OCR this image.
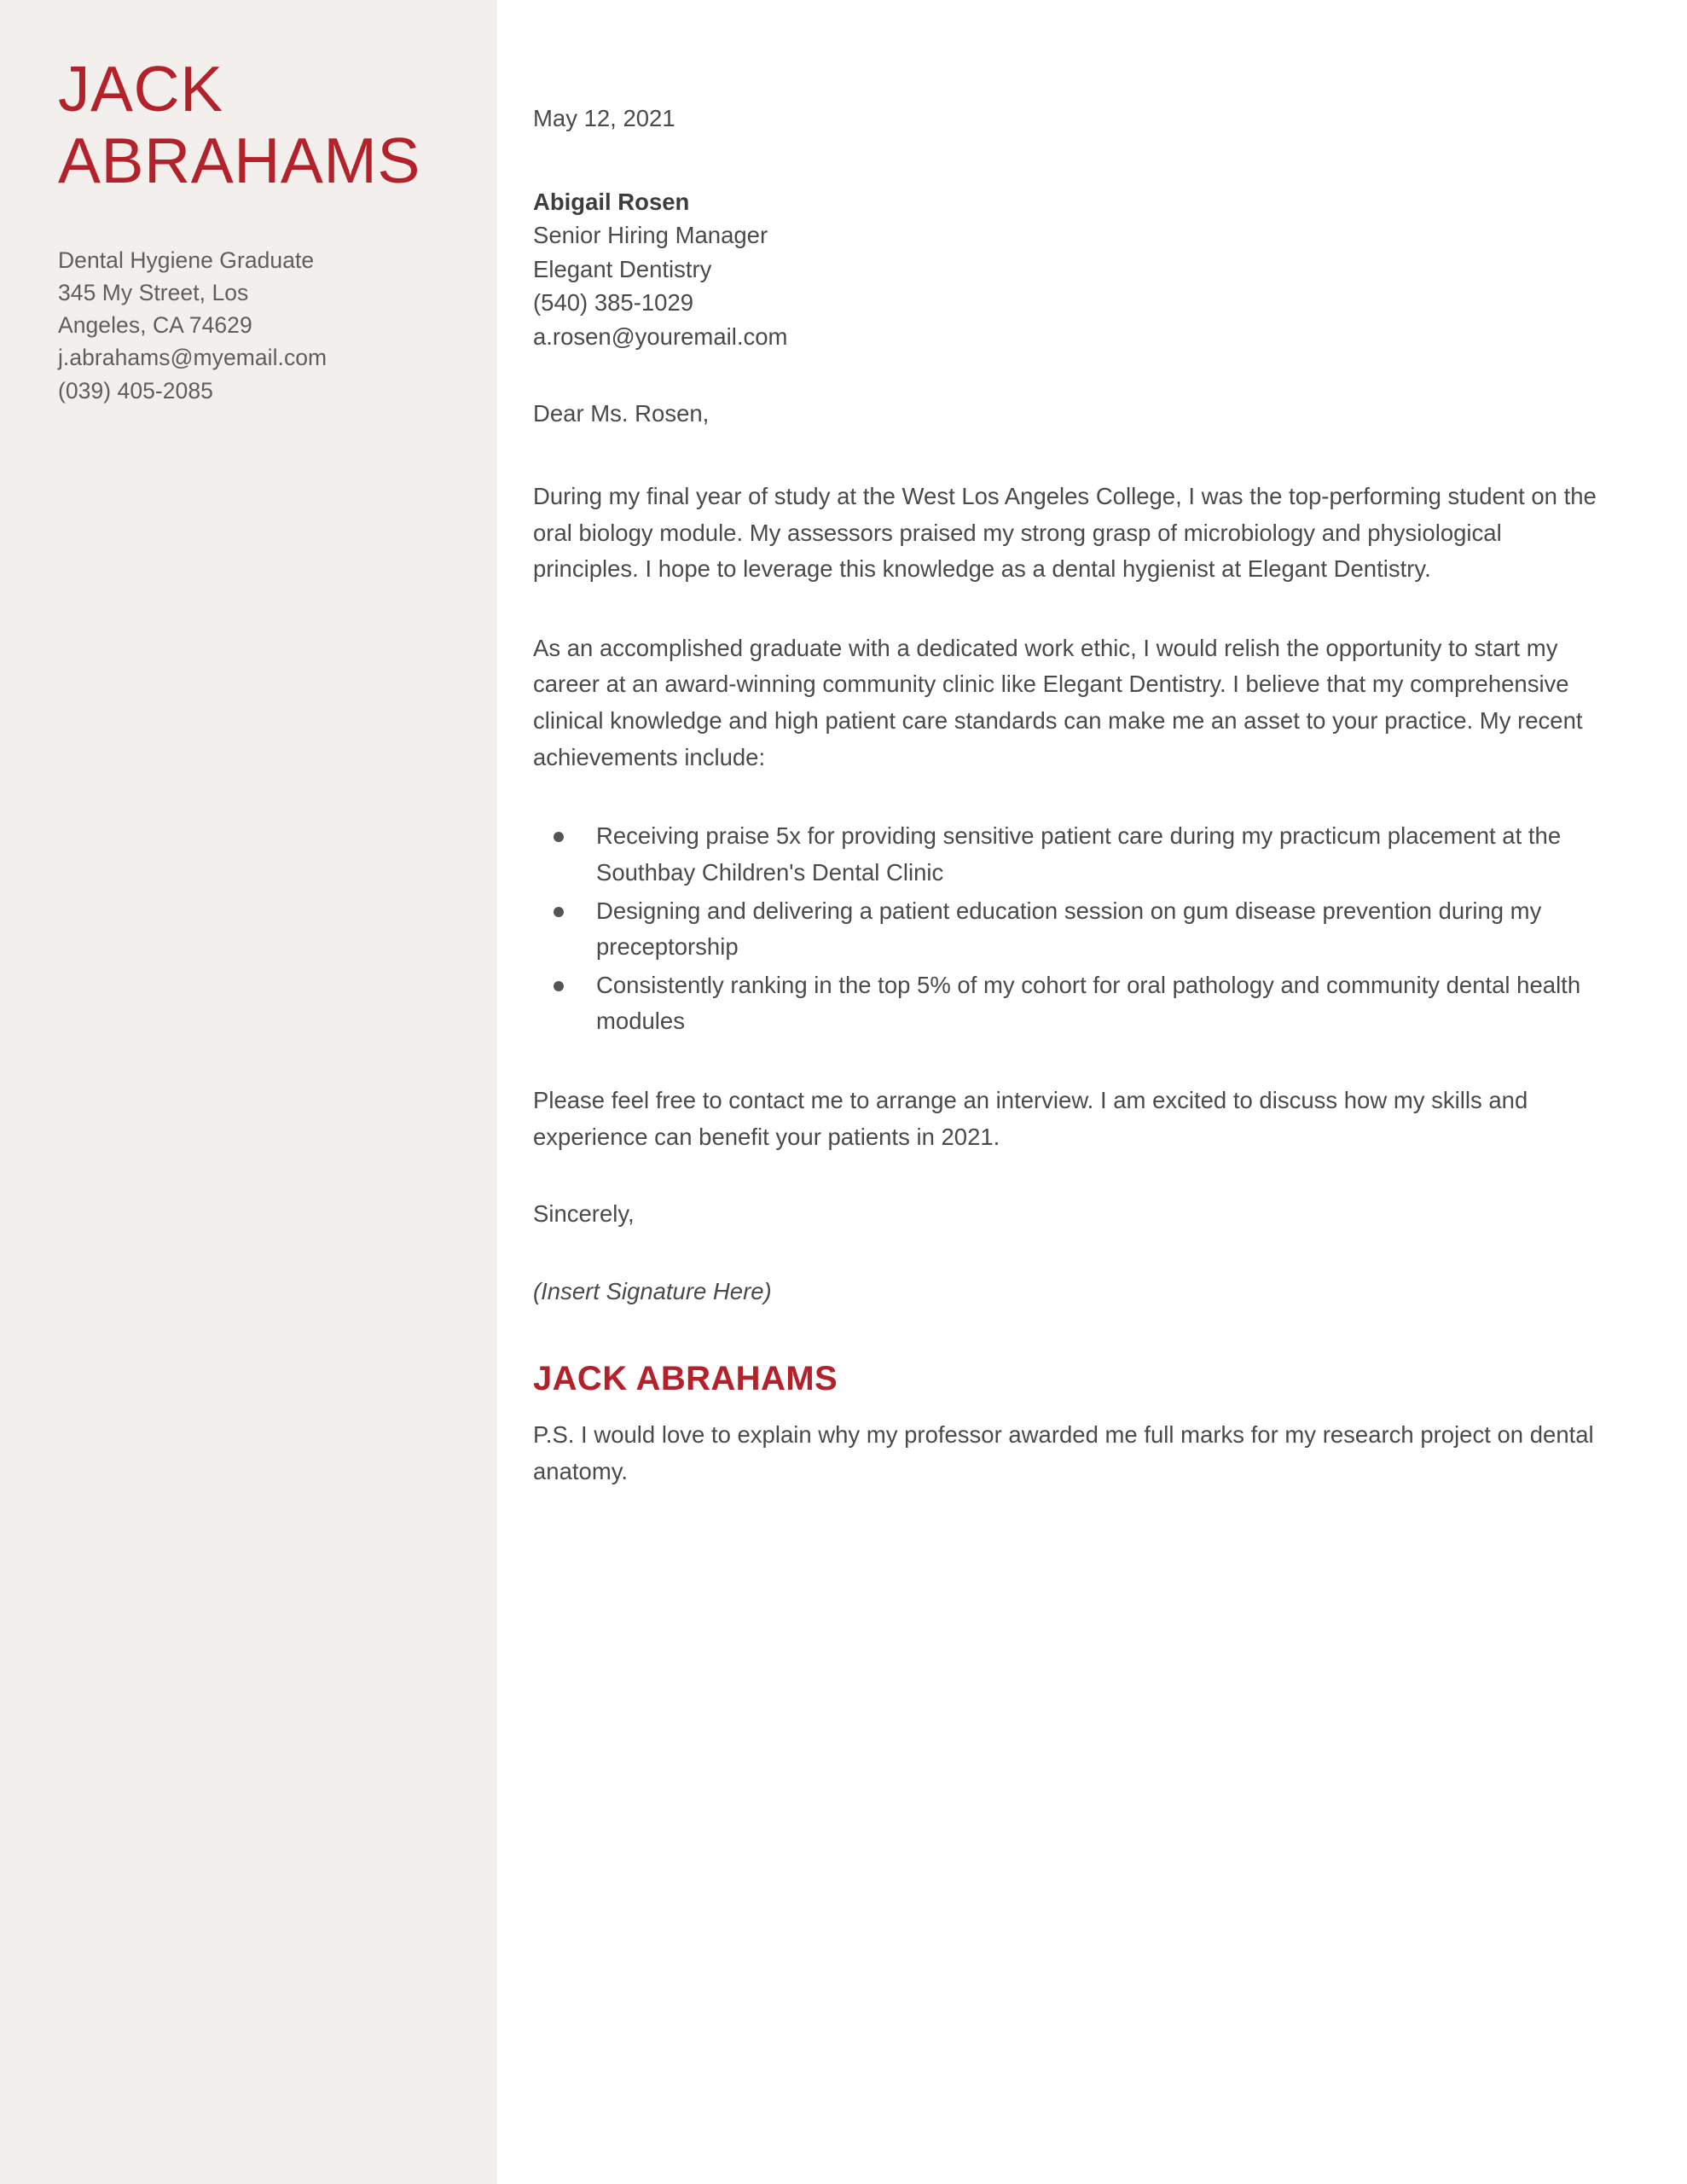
JACK
ABRAHAMS
Dental Hygiene Graduate
345 My Street, Los
Angeles, CA 74629
j.abrahams@myemail.com
(039) 405-2085

May 12, 2021

Abigail Rosen
Senior Hiring Manager
Elegant Dentistry
(540) 385-1029
a.rosen@youremail.com

Dear Ms. Rosen,

During my final year of study at the West Los Angeles College, I was the top-performing student on the oral biology module. My assessors praised my strong grasp of microbiology and physiological principles. I hope to leverage this knowledge as a dental hygienist at Elegant Dentistry.

As an accomplished graduate with a dedicated work ethic, I would relish the opportunity to start my career at an award-winning community clinic like Elegant Dentistry. I believe that my comprehensive clinical knowledge and high patient care standards can make me an asset to your practice. My recent achievements include:

Receiving praise 5x for providing sensitive patient care during my practicum placement at the Southbay Children's Dental Clinic
Designing and delivering a patient education session on gum disease prevention during my preceptorship
Consistently ranking in the top 5% of my cohort for oral pathology and community dental health modules

Please feel free to contact me to arrange an interview. I am excited to discuss how my skills and experience can benefit your patients in 2021.

Sincerely,

(Insert Signature Here)

JACK ABRAHAMS

P.S. I would love to explain why my professor awarded me full marks for my research project on dental anatomy.
